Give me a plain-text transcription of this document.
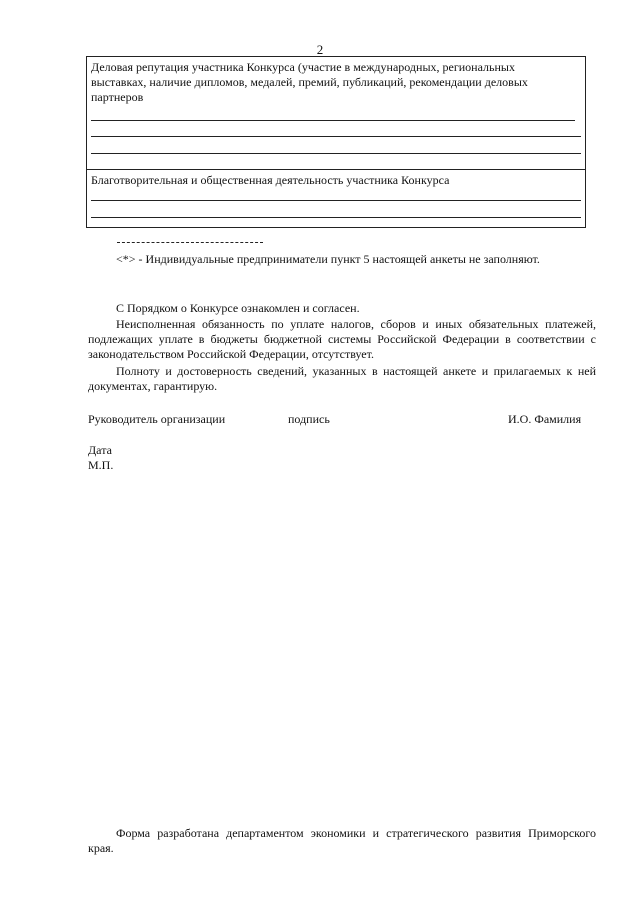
2
Деловая репутация участника Конкурса (участие в международных, региональных выставках, наличие дипломов, медалей, премий, публикаций, рекомендации деловых партнеров
Благотворительная и общественная деятельность участника Конкурса
<*> - Индивидуальные предприниматели пункт 5 настоящей анкеты не заполняют.
С Порядком о Конкурсе ознакомлен и согласен.
Неисполненная обязанность по уплате налогов, сборов и иных обязательных платежей, подлежащих уплате в бюджеты бюджетной системы Российской Федерации в соответствии с законодательством Российской Федерации, отсутствует.
Полноту и достоверность сведений, указанных в настоящей анкете и прилагаемых к ней документах, гарантирую.
Руководитель организации	подпись	И.О. Фамилия
Дата
М.П.
Форма разработана департаментом экономики и стратегического развития Приморского края.
